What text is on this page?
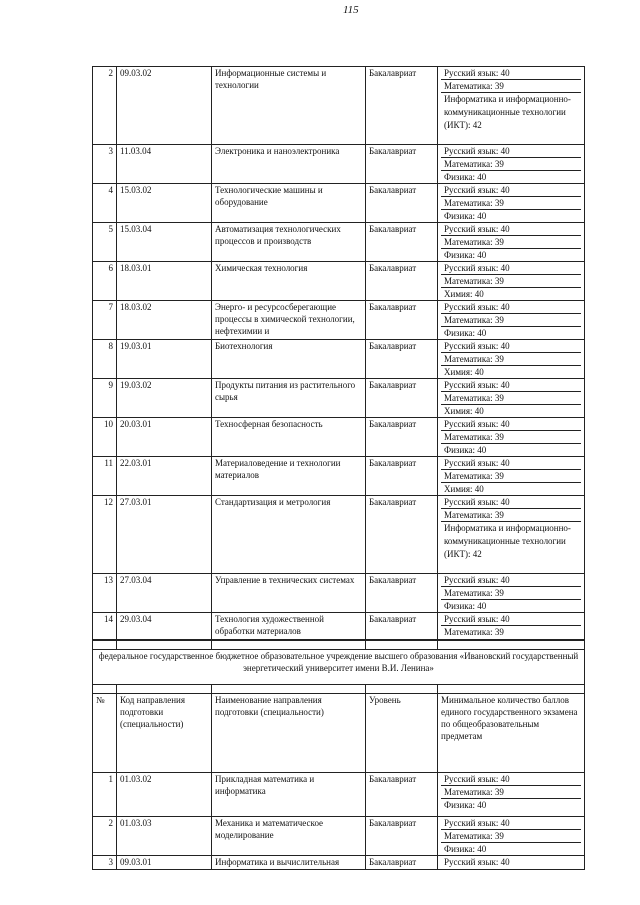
115
2	09.03.02	Информационные системы и технологии	Бакалавриат	Русский язык: 40
Математика: 39
Информатика и информационно-коммуникационные технологии (ИКТ): 42

3	11.03.04	Электроника и наноэлектроника	Бакалавриат	Русский язык: 40
Математика: 39
Физика: 40

4	15.03.02	Технологические машины и оборудование	Бакалавриат	Русский язык: 40
Математика: 39
Физика: 40

5	15.03.04	Автоматизация технологических процессов и производств	Бакалавриат	Русский язык: 40
Математика: 39
Физика: 40

6	18.03.01	Химическая технология	Бакалавриат	Русский язык: 40
Математика: 39
Химия: 40

7	18.03.02	Энерго- и ресурсосберегающие процессы в химической технологии, нефтехимии и	Бакалавриат	Русский язык: 40
Математика: 39
Физика: 40

8	19.03.01	Биотехнология	Бакалавриат	Русский язык: 40
Математика: 39
Химия: 40

9	19.03.02	Продукты питания из растительного сырья	Бакалавриат	Русский язык: 40
Математика: 39
Химия: 40

10	20.03.01	Техносферная безопасность	Бакалавриат	Русский язык: 40
Математика: 39
Физика: 40

11	22.03.01	Материаловедение и технологии материалов	Бакалавриат	Русский язык: 40
Математика: 39
Химия: 40

12	27.03.01	Стандартизация и метрология	Бакалавриат	Русский язык: 40
Математика: 39
Информатика и информационно-коммуникационные технологии (ИКТ): 42

13	27.03.04	Управление в технических системах	Бакалавриат	Русский язык: 40
Математика: 39
Физика: 40

14	29.03.04	Технология художественной обработки материалов	Бакалавриат	Русский язык: 40
Математика: 39

федеральное государственное бюджетное образовательное учреждение высшего образования «Ивановский государственный энергетический университет имени В.И. Ленина»				

№	Код направления подготовки (специальности)	Наименование направления подготовки (специальности)	Уровень	Минимальное количество баллов единого государственного экзамена по общеобразовательным предметам
1	01.03.02	Прикладная математика и информатика	Бакалавриат	Русский язык: 40
Математика: 39
Физика: 40

2	01.03.03	Механика и математическое моделирование	Бакалавриат	Русский язык: 40
Математика: 39
Физика: 40

3	09.03.01	Информатика и вычислительная	Бакалавриат	Русский язык: 40
